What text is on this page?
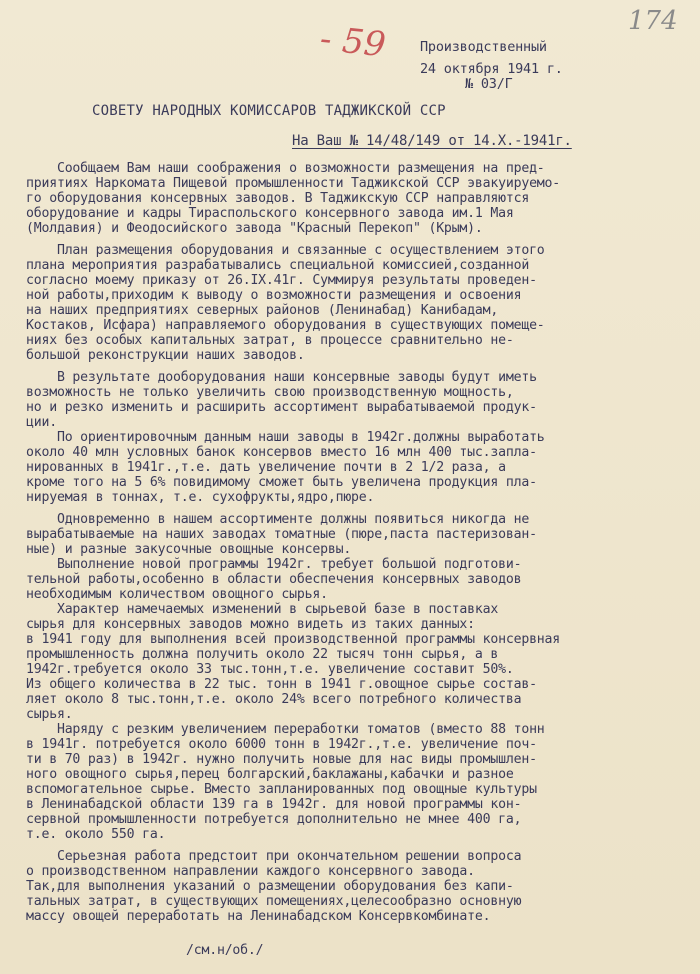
- 59	174
Производственный
24 октября 1941 г.
№ 03/Г
СОВЕТУ НАРОДНЫХ КОМИССАРОВ ТАДЖИКСКОЙ ССР
На Ваш № 14/48/149 от 14.X.-1941г.
Сообщаем Вам наши соображения о возможности размещения на пред-
приятиях Наркомата Пищевой промышленности Таджикской ССР эвакуируемо-
го оборудования консервных заводов. В Таджикскую ССР направляются
оборудование и кадры Тираспольского консервного завода им.1 Мая
(Молдавия) и Феодосийского завода "Красный Перекоп" (Крым).
План размещения оборудования и связанные с осуществлением этого
плана мероприятия разрабатывались специальной комиссией,созданной
согласно моему приказу от 26.IX.41г. Суммируя результаты проведен-
ной работы,приходим к выводу о возможности размещения и освоения
на наших предприятиях северных районов (Ленинабад) Канибадам,
Костаков, Исфара) направляемого оборудования в существующих помеще-
ниях без особых капитальных затрат, в процессе сравнительно не-
большой реконструкции наших заводов.
В результате дооборудования наши консервные заводы будут иметь
возможность не только увеличить свою производственную мощность,
но и резко изменить и расширить ассортимент вырабатываемой продук-
ции.
По ориентировочным данным наши заводы в 1942г.должны выработать
около 40 млн условных банок консервов вместо 16 млн 400 тыс.запла-
нированных в 1941г.,т.е. дать увеличение почти в 2 1/2 раза, а
кроме того на 5 6% повидимому сможет быть увеличена продукция пла-
нируемая в тоннах, т.е. сухофрукты,ядро,пюре.
Одновременно в нашем ассортименте должны появиться никогда не
вырабатываемые на наших заводах томатные (пюре,паста пастеризован-
ные) и разные закусочные овощные консервы.
Выполнение новой программы 1942г. требует большой подготови-
тельной работы,особенно в области обеспечения консервных заводов
необходимым количеством овощного сырья.
Характер намечаемых изменений в сырьевой базе в поставках
сырья для консервных заводов можно видеть из таких данных:
в 1941 году для выполнения всей производственной программы консервная
промышленность должна получить около 22 тысяч тонн сырья, а в
1942г.требуется около 33 тыс.тонн,т.е. увеличение составит 50%.
Из общего количества в 22 тыс. тонн в 1941 г.овощное сырье состав-
ляет около 8 тыс.тонн,т.е. около 24% всего потребного количества
сырья.
Наряду с резким увеличением переработки томатов (вместо 88 тонн
в 1941г. потребуется около 6000 тонн в 1942г.,т.е. увеличение поч-
ти в 70 раз) в 1942г. нужно получить новые для нас виды промышлен-
ного овощного сырья,перец болгарский,баклажаны,кабачки и разное
вспомогательное сырье. Вместо запланированных под овощные культуры
в Ленинабадской области 139 га в 1942г. для новой программы кон-
сервной промышленности потребуется дополнительно не мнее 400 га,
т.е. около 550 га.
Серьезная работа предстоит при окончательном решении вопроса
о производственном направлении каждого консервного завода.
Так,для выполнения указаний о размещении оборудования без капи-
тальных затрат, в существующих помещениях,целесообразно основную
массу овощей переработать на Ленинабадском Консервкомбинате.
/см.н/об./
